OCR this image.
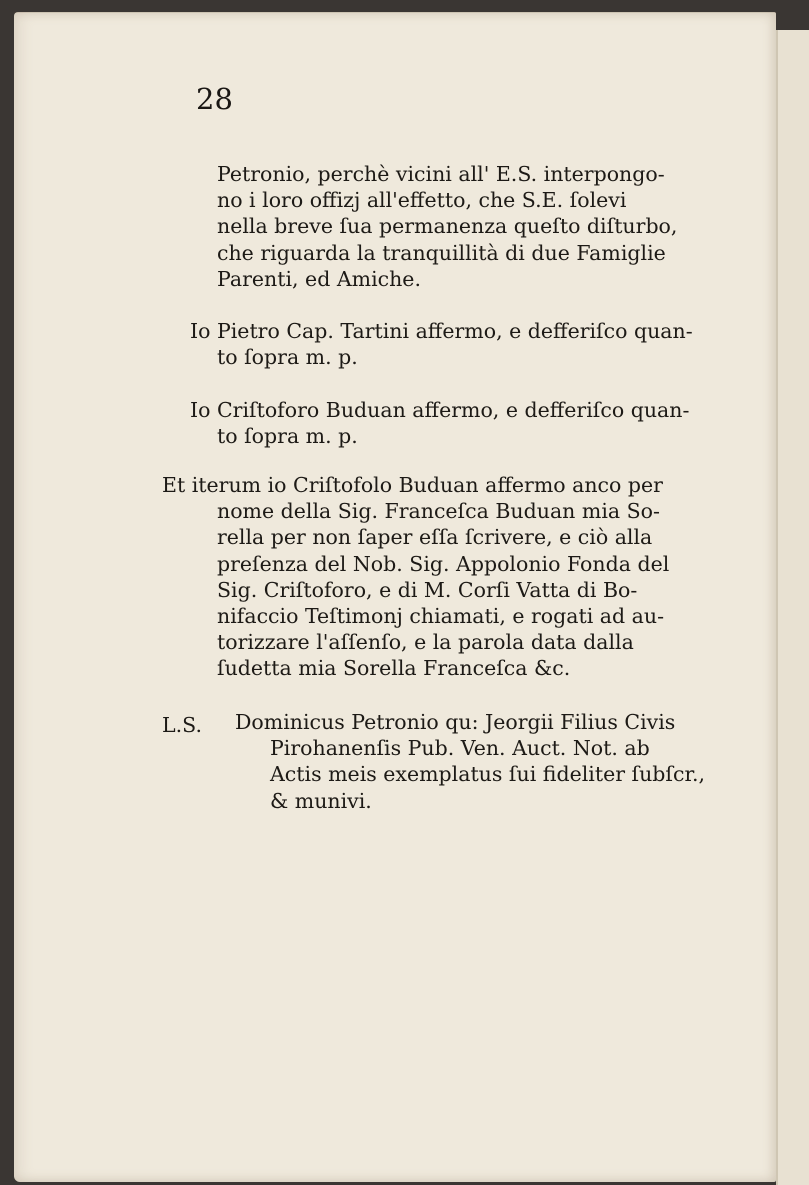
28
Petronio, perchè vicini all' E.S. interpongo-
no i loro offizj all'effetto, che S.E. ſolevi
nella breve ſua permanenza queſto diſturbo,
che riguarda la tranquillità di due Famiglie
Parenti, ed Amiche.
Io Pietro Cap. Tartini affermo, e defferiſco quan-
to ſopra m. p.
Io Criſtoforo Buduan affermo, e defferiſco quan-
to ſopra m. p.
Et iterum io Criſtofolo Buduan affermo anco per
nome della Sig. Franceſca Buduan mia So-
rella per non ſaper eſſa ſcrivere, e ciò alla
preſenza del Nob. Sig. Appolonio Fonda del
Sig. Criſtoforo, e di M. Corſi Vatta di Bo-
nifaccio Teſtimonj chiamati, e rogati ad au-
torizzare l'aſſenſo, e la parola data dalla
ſudetta mia Sorella Franceſca &c.
L.S. Dominicus Petronio qu: Jeorgii Filius Civis
Pirohanenſis Pub. Ven. Auct. Not. ab
Actis meis exemplatus ſui fideliter ſubſcr.,
& munivi.
